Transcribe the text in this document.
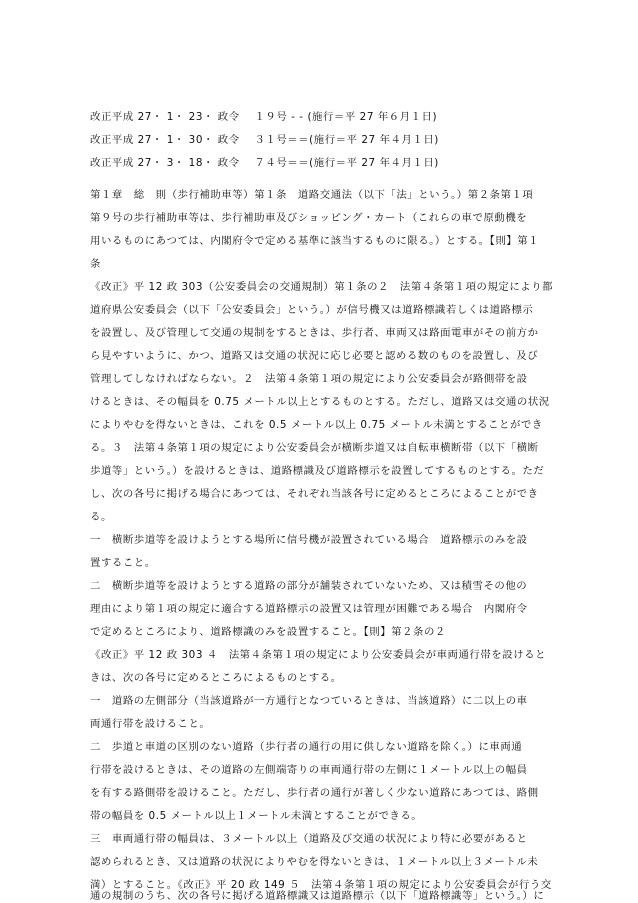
改正平成 27・ 1・ 23・ 政令 　１９号 - - (施行＝平 27 年６月１日)
改正平成 27・ 1・ 30・ 政令 　３１号＝＝(施行＝平 27 年４月１日)
改正平成 27・ 3・ 18・ 政令 　７４号＝＝(施行＝平 27 年４月１日)
第１章　総　則（歩行補助車等）第１条　道路交通法（以下「法」という。）第２条第１項
第９号の歩行補助車等は、歩行補助車及びショッピング・カート（これらの車で原動機を
用いるものにあつては、内閣府令で定める基準に該当するものに限る。）とする。【則】第１
条
《改正》平 12 政 303（公安委員会の交通規制）第１条の２　法第４条第１項の規定により都
道府県公安委員会（以下「公安委員会」という。）が信号機又は道路標識若しくは道路標示
を設置し、及び管理して交通の規制をするときは、歩行者、車両又は路面電車がその前方か
ら見やすいように、かつ、道路又は交通の状況に応じ必要と認める数のものを設置し、及び
管理してしなければならない。２　法第４条第１項の規定により公安委員会が路側帯を設
けるときは、その幅員を 0.75 メートル以上とするものとする。ただし、道路又は交通の状況
によりやむを得ないときは、これを 0.5 メートル以上 0.75 メートル未満とすることができ
る。３　法第４条第１項の規定により公安委員会が横断歩道又は自転車横断帯（以下「横断
歩道等」という。）を設けるときは、道路標識及び道路標示を設置してするものとする。ただ
し、次の各号に掲げる場合にあつては、それぞれ当該各号に定めるところによることができ
る。
一　横断歩道等を設けようとする場所に信号機が設置されている場合　道路標示のみを設
置すること。
二　横断歩道等を設けようとする道路の部分が舗装されていないため、又は積雪その他の
理由により第１項の規定に適合する道路標示の設置又は管理が困難である場合　内閣府令
で定めるところにより、道路標識のみを設置すること。【則】第２条の２
《改正》平 12 政 303 ４　法第４条第１項の規定により公安委員会が車両通行帯を設けると
きは、次の各号に定めるところによるものとする。
一　道路の左側部分（当該道路が一方通行となつているときは、当該道路）に二以上の車
両通行帯を設けること。
二　歩道と車道の区別のない道路（歩行者の通行の用に供しない道路を除く。）に車両通
行帯を設けるときは、その道路の左側端寄りの車両通行帯の左側に１メートル以上の幅員
を有する路側帯を設けること。ただし、歩行者の通行が著しく少ない道路にあつては、路側
帯の幅員を 0.5 メートル以上１メートル未満とすることができる。
三　車両通行帯の幅員は、３メートル以上（道路及び交通の状況により特に必要があると
認められるとき、又は道路の状況によりやむを得ないときは、１メートル以上３メートル未
満）とすること。《改正》平 20 政 149 ５　法第４条第１項の規定により公安委員会が行う交
通の規制のうち、次の各号に掲げる道路標識又は道路標示（以下「道路標識等」という。）に
